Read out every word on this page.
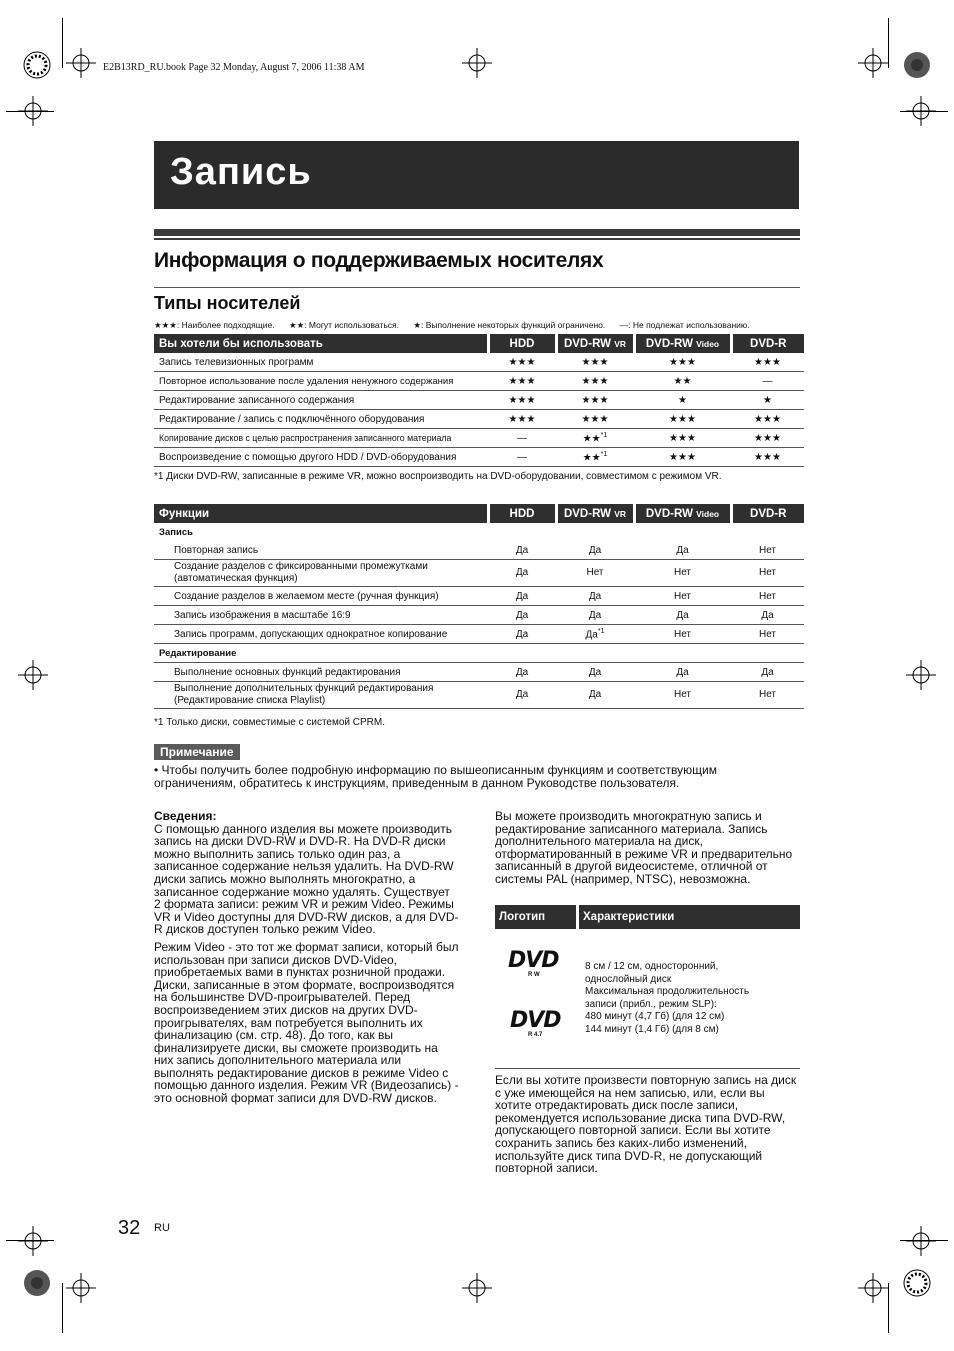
E2B13RD_RU.book Page 32 Monday, August 7, 2006 11:38 AM
Запись
Информация о поддерживаемых носителях
Типы носителей
★★★: Наиболее подходящие. ★★: Могут использоваться. ★: Выполнение некоторых функций ограничено. —: Не подлежат использованию.
Вы хотели бы использовать	HDD	DVD-RW VR	DVD-RW Video	DVD-R
Запись телевизионных программ	★★★	★★★	★★★	★★★
Повторное использование после удаления ненужного содержания	★★★	★★★	★★	—
Редактирование записанного содержания	★★★	★★★	★	★
Редактирование / запись с подключённого оборудования	★★★	★★★	★★★	★★★
Копирование дисков с целью распространения записанного материала	—	★★$^{*1}$	★★★	★★★
Воспроизведение с помощью другого HDD / DVD-оборудования	—	★★$^{*1}$	★★★	★★★
*1 Диски DVD-RW, записанные в режиме VR, можно воспроизводить на DVD-оборудовании, совместимом с режимом VR.
Функции	HDD	DVD-RW VR	DVD-RW Video	DVD-R
Запись				
Повторная запись	Да	Да	Да	Нет
Создание разделов с фиксированными промежутками (автоматическая функция)	Да	Нет	Нет	Нет
Создание разделов в желаемом месте (ручная функция)	Да	Да	Нет	Нет
Запись изображения в масштабе 16:9	Да	Да	Да	Да
Запись программ, допускающих однократное копирование	Да	$Да^{*1}$	Нет	Нет
Редактирование				
Выполнение основных функций редактирования	Да	Да	Да	Да
Выполнение дополнительных функций редактирования (Редактирование списка Playlist)	Да	Да	Нет	Нет
*1 Только диски, совместимые с системой CPRM.
Примечание
• Чтобы получить более подробную информацию по вышеописанным функциям и соответствующим ограничениям, обратитесь к инструкциям, приведенным в данном Руководстве пользователя.

Сведения:

С помощью данного изделия вы можете производить запись на диски DVD-RW и DVD-R. На DVD-R диски можно выполнить запись только один раз, а записанное содержание нельзя удалить. На DVD-RW диски запись можно выполнять многократно, а записанное содержание можно удалять. Существует 2 формата записи: режим VR и режим Video. Режимы VR и Video доступны для DVD-RW дисков, а для DVD-R дисков доступен только режим Video.

Режим Video - это тот же формат записи, который был использован при записи дисков DVD-Video, приобретаемых вами в пунктах розничной продажи. Диски, записанные в этом формате, воспроизводятся на большинстве DVD-проигрывателей. Перед воспроизведением этих дисков на других DVD-проигрывателях, вам потребуется выполнить их финализацию (см. стр. 48). До того, как вы финализируете диски, вы сможете производить на них запись дополнительного материала или выполнять редактирование дисков в режиме Video с помощью данного изделия. Режим VR (Видеозапись) - это основной формат записи для DVD-RW дисков.

Вы можете производить многократную запись и редактирование записанного материала. Запись дополнительного материала на диск, отформатированный в режиме VR и предварительно записанный в другой видеосистеме, отличной от системы PAL (например, NTSC), невозможна.

Логотип	Характеристики
DVD
R W
DVD
R 4.7
8 см / 12 см, односторонний,
однослойный диск
Максимальная продолжительность
записи (прибл., режим SLP):
480 минут (4,7 Гб) (для 12 см)
144 минут (1,4 Гб) (для 8 см)

Если вы хотите произвести повторную запись на диск с уже имеющейся на нем записью, или, если вы хотите отредактировать диск после записи, рекомендуется использование диска типа DVD-RW, допускающего повторной записи. Если вы хотите сохранить запись без каких-либо изменений, используйте диск типа DVD-R, не допускающий повторной записи.

32 RU
